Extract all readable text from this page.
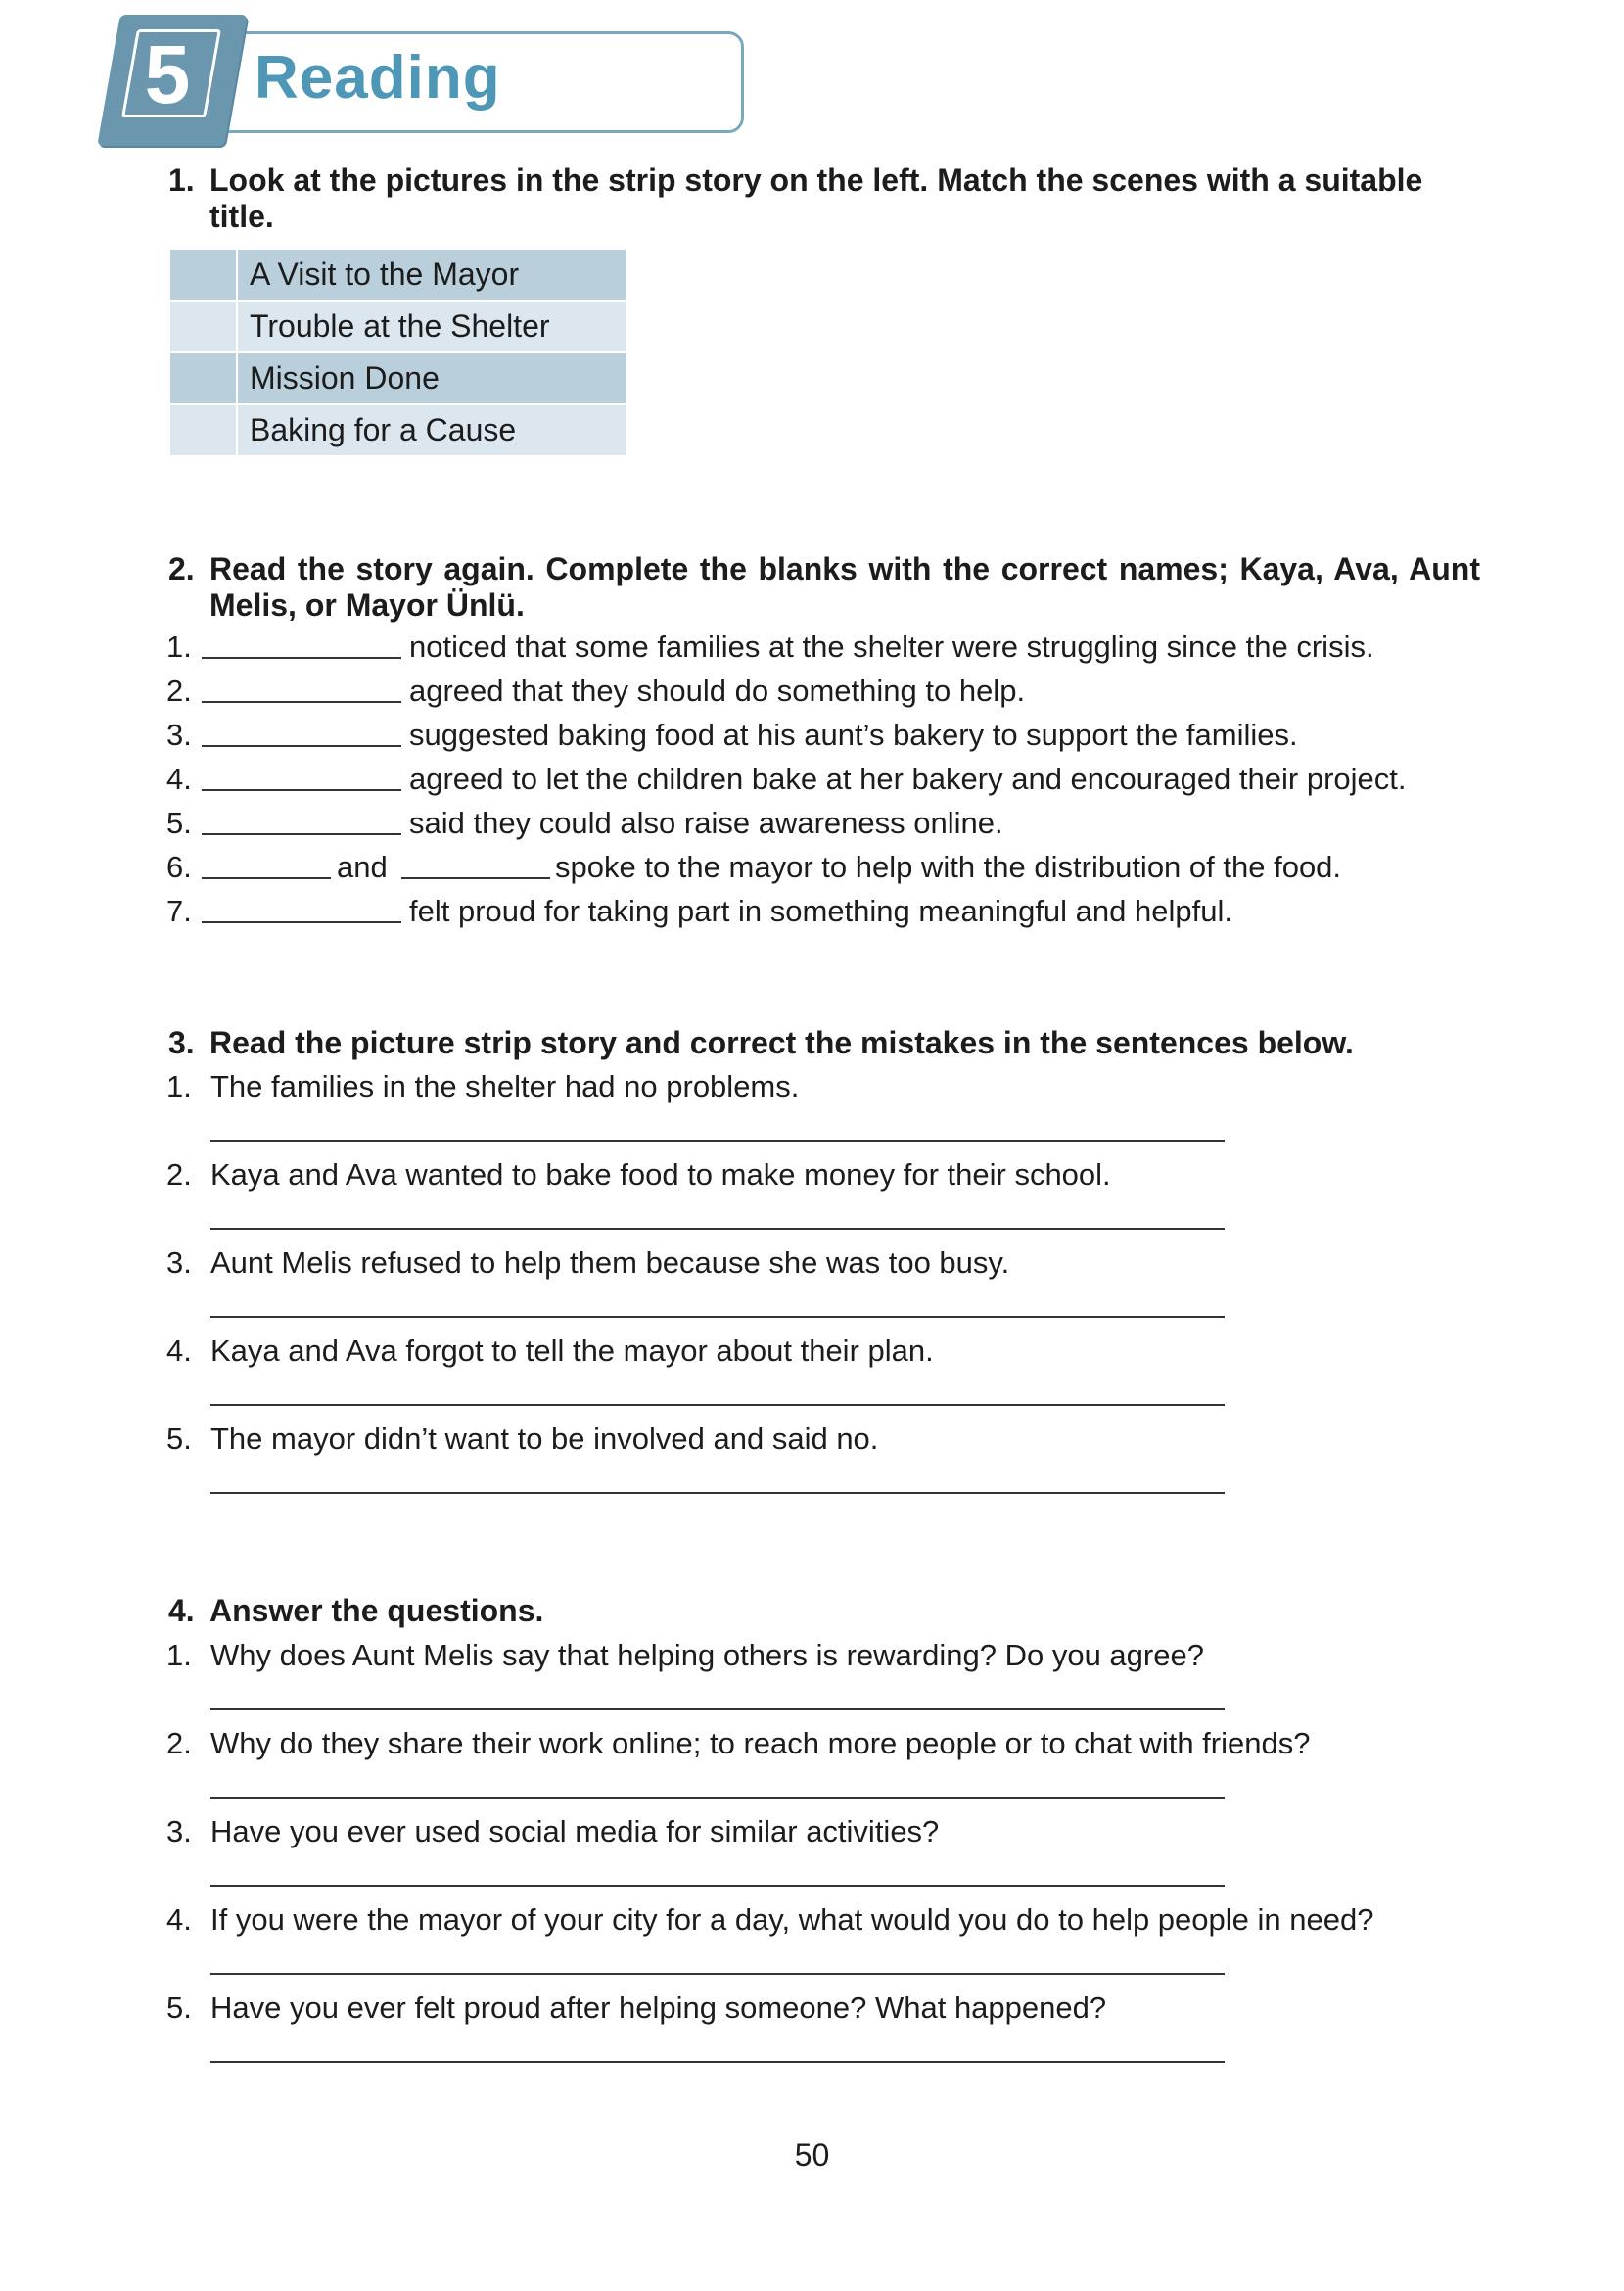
5 Reading
1. Look at the pictures in the strip story on the left. Match the scenes with a suitable title.
	A Visit to the Mayor
	Trouble at the Shelter
	Mission Done
	Baking for a Cause
2. Read the story again. Complete the blanks with the correct names; Kaya, Ava, Aunt Melis, or Mayor Ünlü.
1.	noticed that some families at the shelter were struggling since the crisis.
2.	agreed that they should do something to help.
3.	suggested baking food at his aunt’s bakery to support the families.
4.	agreed to let the children bake at her bakery and encouraged their project.
5.	said they could also raise awareness online.
6.	and	spoke to the mayor to help with the distribution of the food.
7.	felt proud for taking part in something meaningful and helpful.
3. Read the picture strip story and correct the mistakes in the sentences below.
1. The families in the shelter had no problems.
2. Kaya and Ava wanted to bake food to make money for their school.
3. Aunt Melis refused to help them because she was too busy.
4. Kaya and Ava forgot to tell the mayor about their plan.
5. The mayor didn’t want to be involved and said no.
4. Answer the questions.
1. Why does Aunt Melis say that helping others is rewarding? Do you agree?
2. Why do they share their work online; to reach more people or to chat with friends?
3. Have you ever used social media for similar activities?
4. If you were the mayor of your city for a day, what would you do to help people in need?
5. Have you ever felt proud after helping someone? What happened?
50
